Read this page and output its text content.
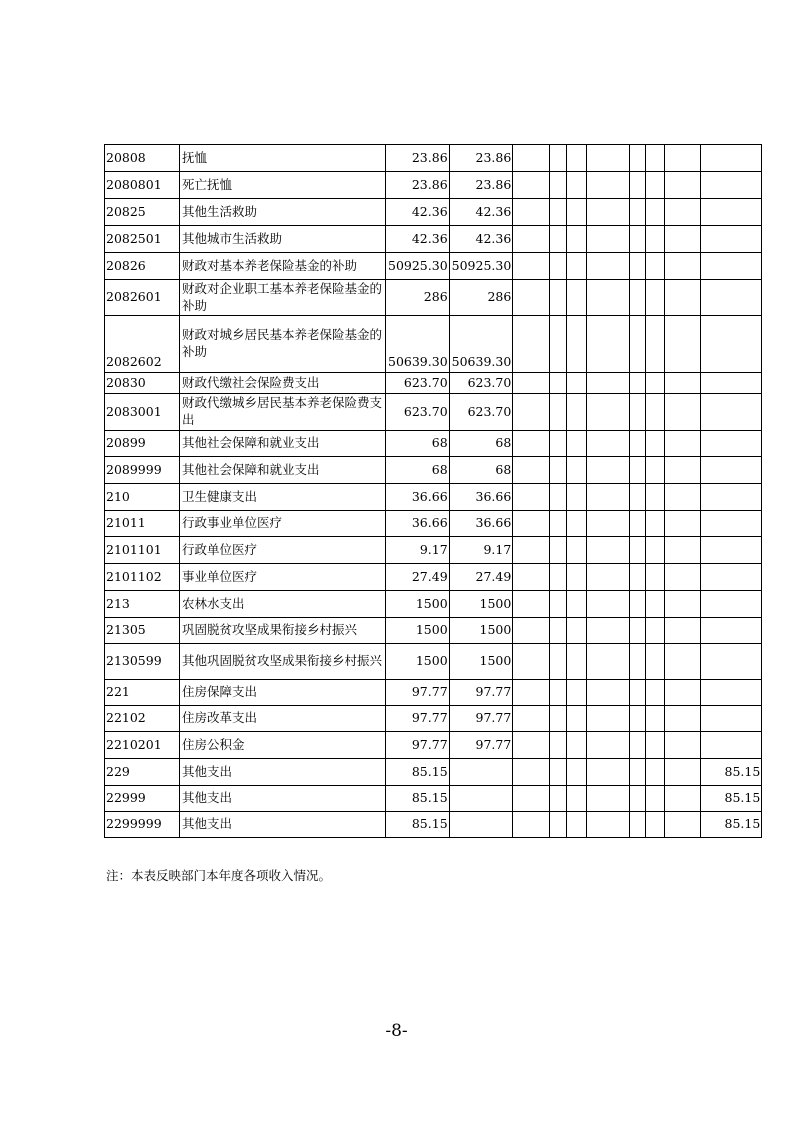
20808	抚恤	23.86	23.86								
2080801	死亡抚恤	23.86	23.86								
20825	其他生活救助	42.36	42.36								
2082501	其他城市生活救助	42.36	42.36								
20826	财政对基本养老保险基金的补助	50925.30	50925.30								
2082601	财政对企业职工基本养老保险基金的补助	286	286								
2082602	财政对城乡居民基本养老保险基金的补助	50639.30	50639.30								
20830	财政代缴社会保险费支出	623.70	623.70								
2083001	财政代缴城乡居民基本养老保险费支出	623.70	623.70								
20899	其他社会保障和就业支出	68	68								
2089999	其他社会保障和就业支出	68	68								
210	卫生健康支出	36.66	36.66								
21011	行政事业单位医疗	36.66	36.66								
2101101	行政单位医疗	9.17	9.17								
2101102	事业单位医疗	27.49	27.49								
213	农林水支出	1500	1500								
21305	巩固脱贫攻坚成果衔接乡村振兴	1500	1500								
2130599	其他巩固脱贫攻坚成果衔接乡村振兴	1500	1500								
221	住房保障支出	97.77	97.77								
22102	住房改革支出	97.77	97.77								
2210201	住房公积金	97.77	97.77								
229	其他支出	85.15									85.15
22999	其他支出	85.15									85.15
2299999	其他支出	85.15									85.15
注：本表反映部门本年度各项收入情况。
-8-
